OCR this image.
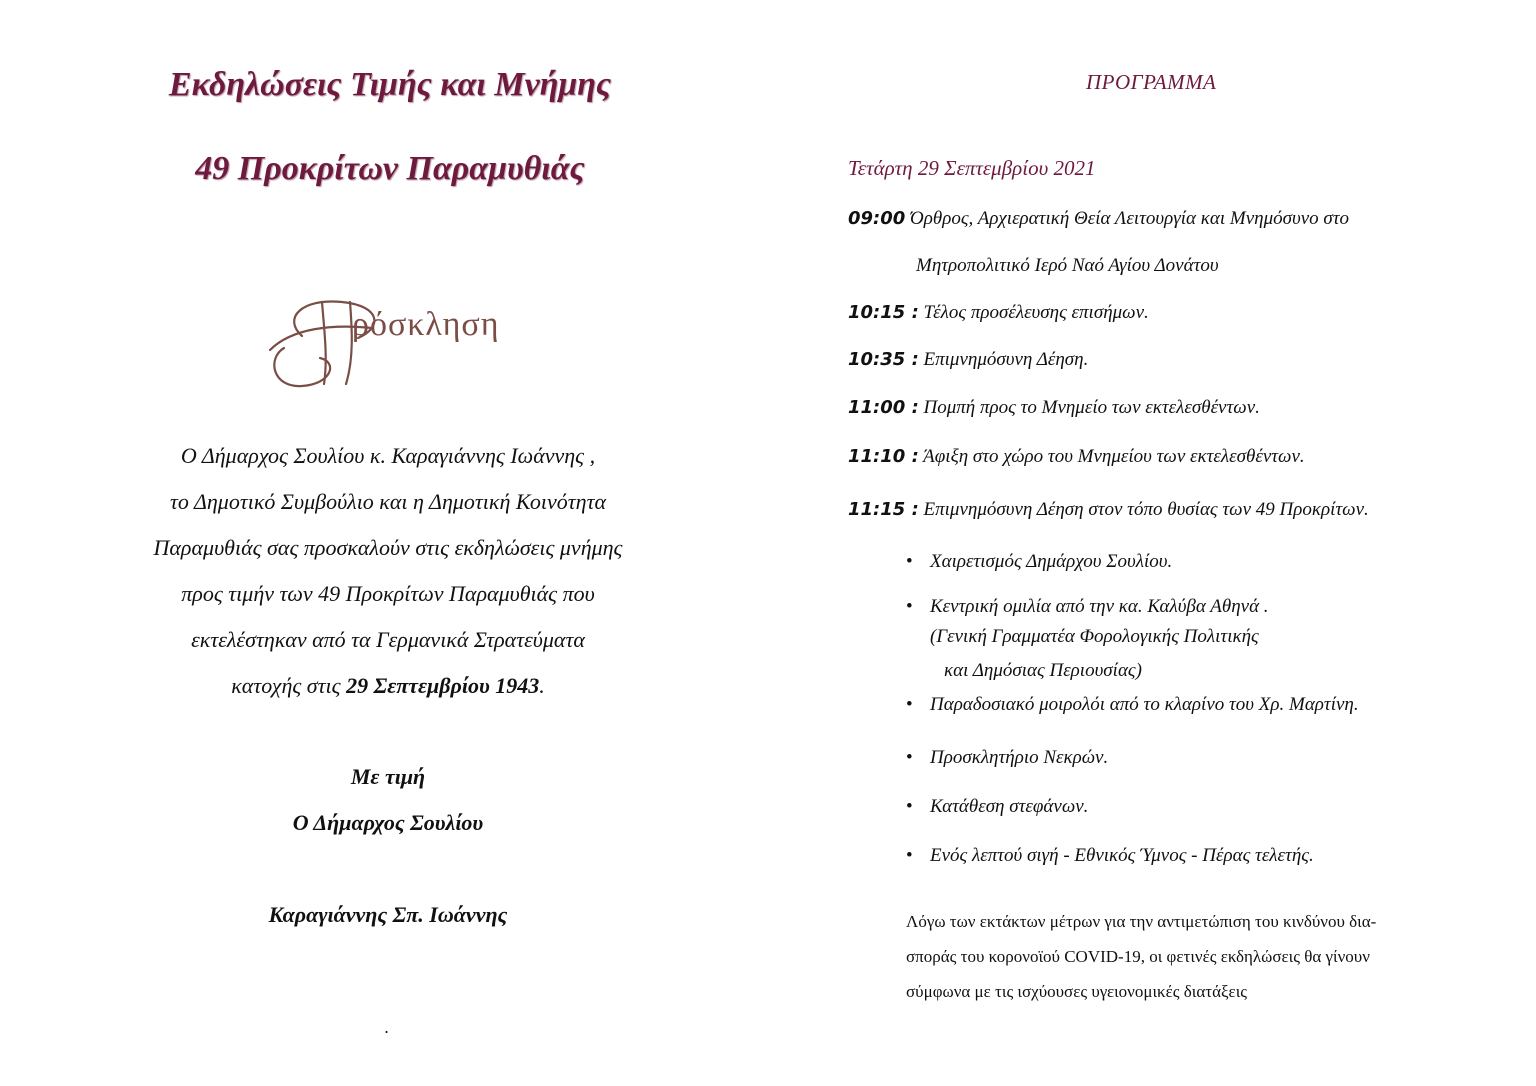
Εκδηλώσεις Τιμής και Μνήμης
49 Προκρίτων Παραμυθιάς
ρόσκληση
Ο Δήμαρχος Σουλίου κ. Καραγιάννης Ιωάννης ,
το Δημοτικό Συμβούλιο και η Δημοτική Κοινότητα
Παραμυθιάς σας προσκαλούν στις εκδηλώσεις μνήμης
προς τιμήν των 49 Προκρίτων Παραμυθιάς που
εκτελέστηκαν από τα Γερμανικά Στρατεύματα
κατοχής στις 29 Σεπτεμβρίου 1943.
Με τιμή
Ο Δήμαρχος Σουλίου
Καραγιάννης Σπ. Ιωάννης
.
ΠΡΟΓΡΑΜΜΑ
Τετάρτη 29 Σεπτεμβρίου 2021
09:00 Όρθρος, Αρχιερατική Θεία Λειτουργία και Μνημόσυνο στο
Μητροπολιτικό Ιερό Ναό Αγίου Δονάτου
10:15 : Τέλος προσέλευσης επισήμων.
10:35 : Επιμνημόσυνη Δέηση.
11:00 : Πομπή προς το Μνημείο των εκτελεσθέντων.
11:10 : Άφιξη στο χώρο του Μνημείου των εκτελεσθέντων.
11:15 : Επιμνημόσυνη Δέηση στον τόπο θυσίας των 49 Προκρίτων.
• Χαιρετισμός Δημάρχου Σουλίου.
• Κεντρική ομιλία από την κα. Καλύβα Αθηνά .
(Γενική Γραμματέα Φορολογικής Πολιτικής
και Δημόσιας Περιουσίας)
• Παραδοσιακό μοιρολόι από το κλαρίνο του Χρ. Μαρτίνη.
• Προσκλητήριο Νεκρών.
• Κατάθεση στεφάνων.
• Ενός λεπτού σιγή - Εθνικός Ύμνος - Πέρας τελετής.
Λόγω των εκτάκτων μέτρων για την αντιμετώπιση του κινδύνου δια-
σποράς του κορονοϊού COVID-19, οι φετινές εκδηλώσεις θα γίνουν
σύμφωνα με τις ισχύουσες υγειονομικές διατάξεις
